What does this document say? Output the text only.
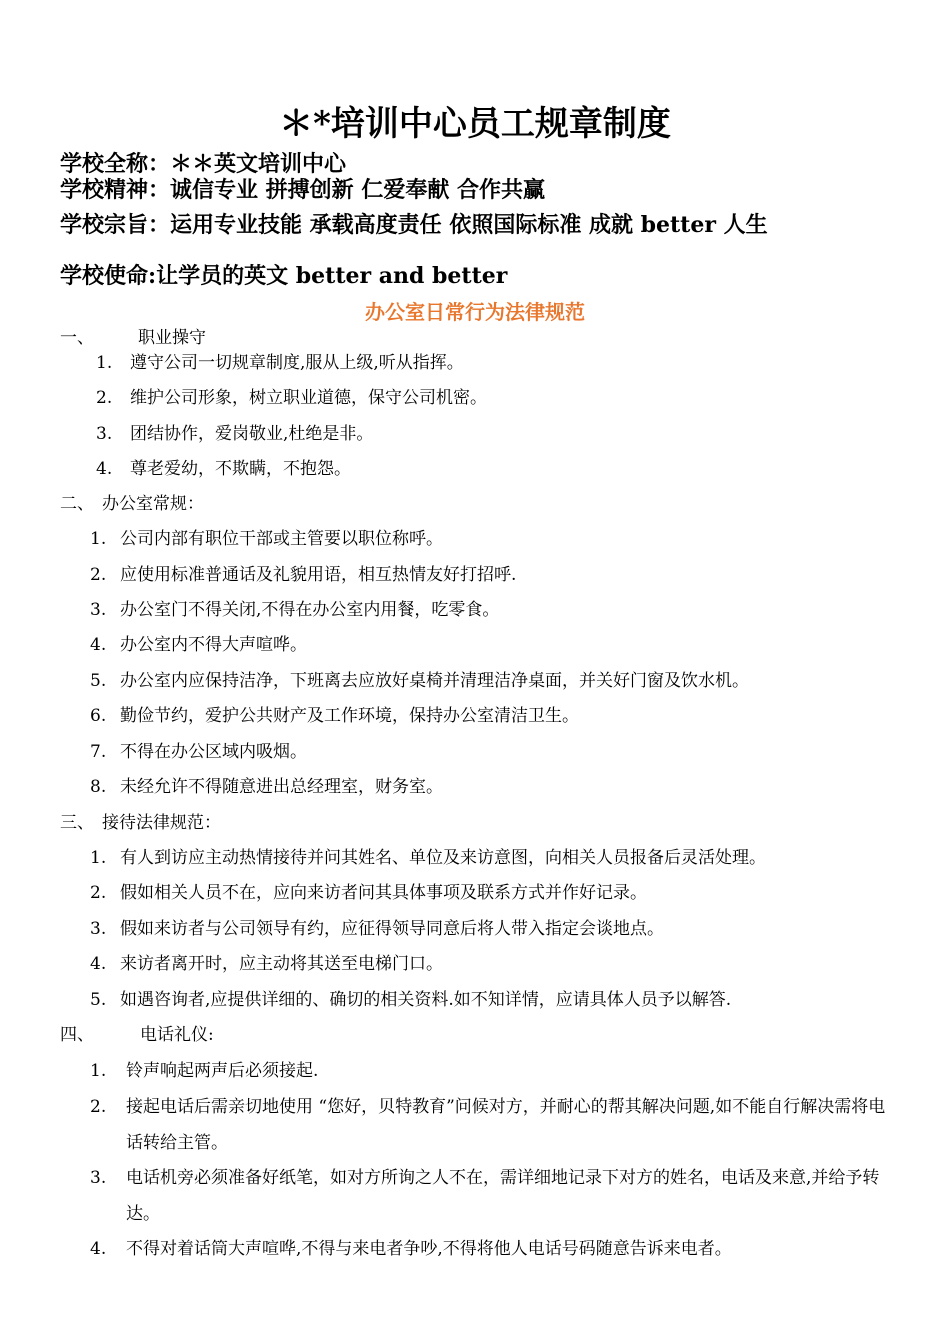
＊*培训中心员工规章制度
学校全称：＊＊英文培训中心
学校精神：诚信专业 拼搏创新 仁爱奉献 合作共赢
学校宗旨：运用专业技能 承载高度责任 依照国际标准 成就 better 人生
学校使命:让学员的英文 better and better
办公室日常行为法律规范
一、	职业操守
1. 遵守公司一切规章制度,服从上级,听从指挥。
2. 维护公司形象，树立职业道德，保守公司机密。
3. 团结协作，爱岗敬业,杜绝是非。
4. 尊老爱幼，不欺瞒，不抱怨。
二、 办公室常规：
1. 公司内部有职位干部或主管要以职位称呼。
2. 应使用标准普通话及礼貌用语，相互热情友好打招呼.
3. 办公室门不得关闭,不得在办公室内用餐，吃零食。
4. 办公室内不得大声喧哗。
5. 办公室内应保持洁净，下班离去应放好桌椅并清理洁净桌面，并关好门窗及饮水机。
6. 勤俭节约，爱护公共财产及工作环境，保持办公室清洁卫生。
7. 不得在办公区域内吸烟。
8. 未经允许不得随意进出总经理室，财务室。
三、 接待法律规范：
1. 有人到访应主动热情接待并问其姓名、单位及来访意图，向相关人员报备后灵活处理。
2. 假如相关人员不在，应向来访者问其具体事项及联系方式并作好记录。
3. 假如来访者与公司领导有约，应征得领导同意后将人带入指定会谈地点。
4. 来访者离开时，应主动将其送至电梯门口。
5. 如遇咨询者,应提供详细的、确切的相关资料.如不知详情，应请具体人员予以解答.
四、	电话礼仪:
1. 铃声响起两声后必须接起.
2. 接起电话后需亲切地使用 “您好，贝特教育”问候对方，并耐心的帮其解决问题,如不能自行解决需将电话转给主管。
3. 电话机旁必须准备好纸笔，如对方所询之人不在，需详细地记录下对方的姓名，电话及来意,并给予转达。
4. 不得对着话筒大声喧哗,不得与来电者争吵,不得将他人电话号码随意告诉来电者。
